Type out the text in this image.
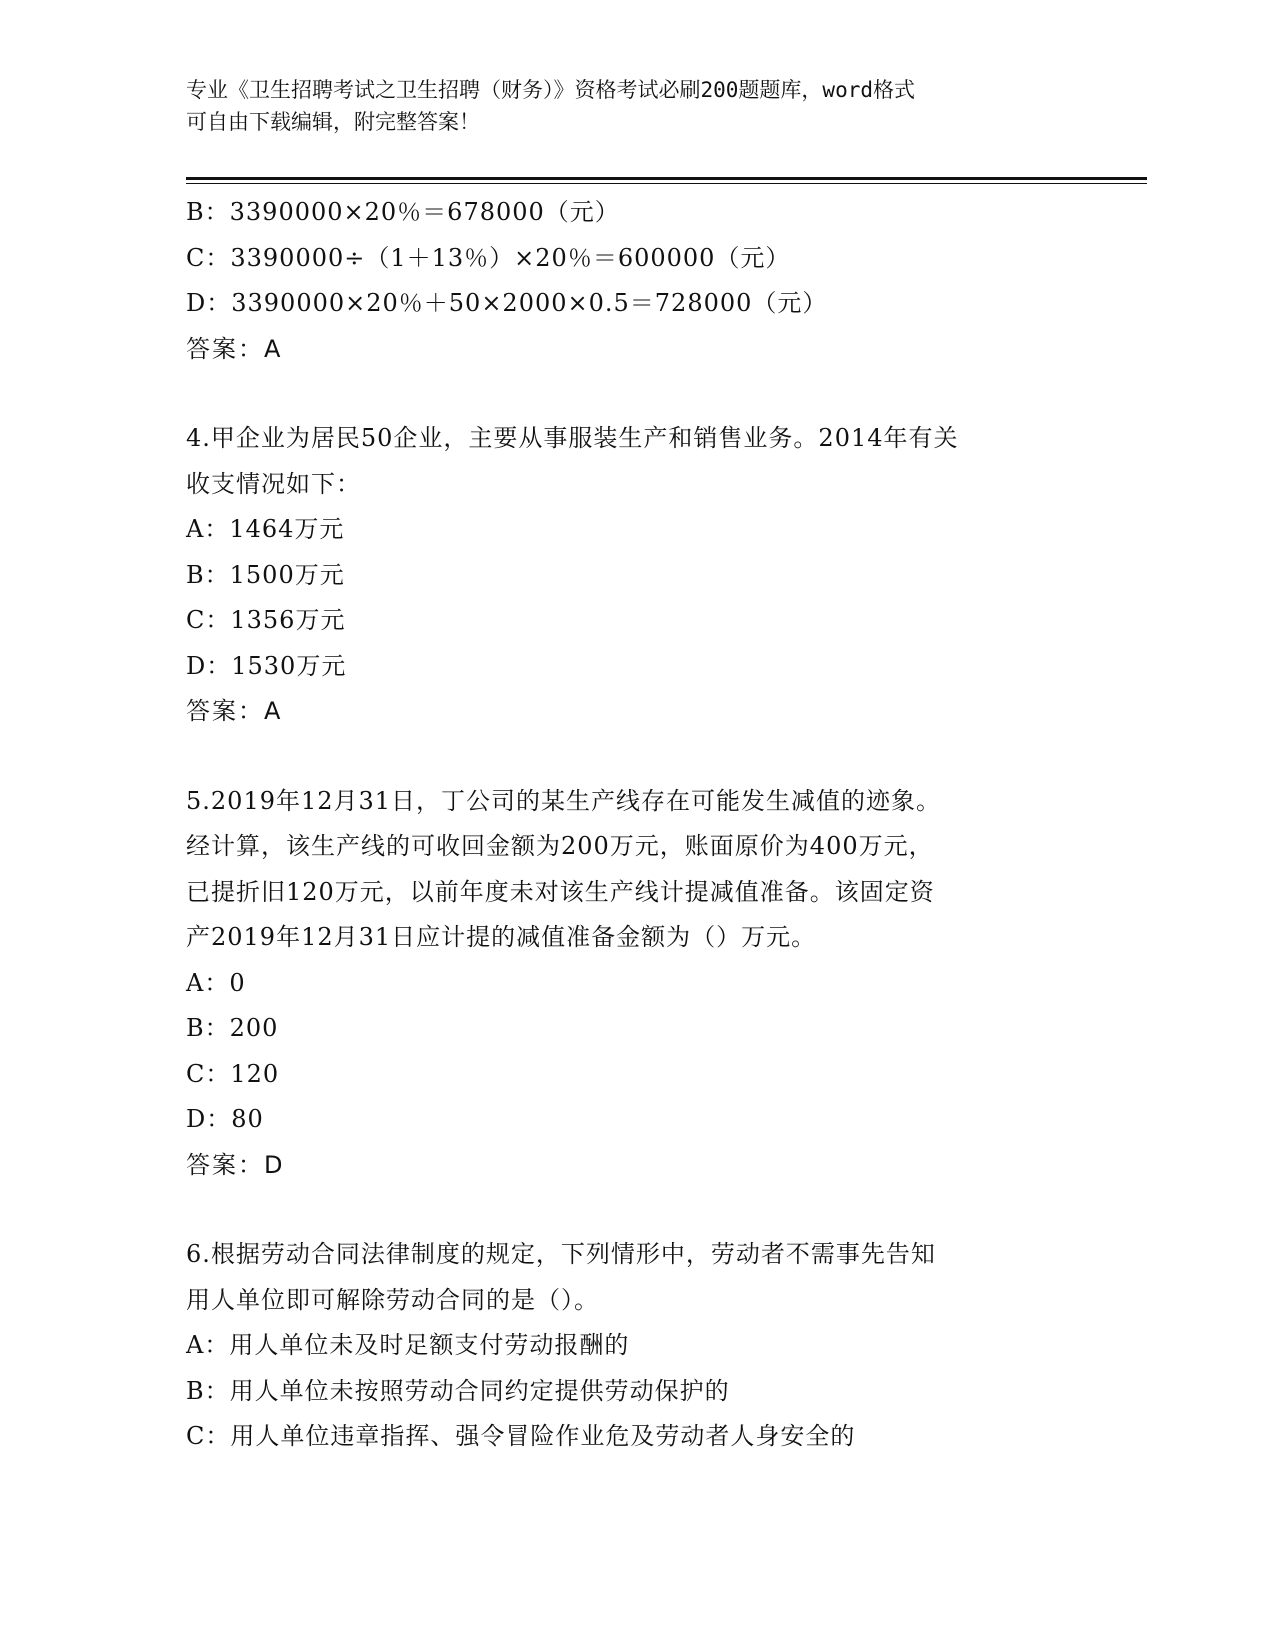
专业《卫生招聘考试之卫生招聘（财务）》资格考试必刷200题题库，word格式
可自由下载编辑，附完整答案！
B：3390000×20％＝678000（元）
C：3390000÷（1＋13％）×20％＝600000（元）
D：3390000×20％＋50×2000×0.5＝728000（元）
答案：A
4.甲企业为居民50企业，主要从事服装生产和销售业务。2014年有关
收支情况如下：
A：1464万元
B：1500万元
C：1356万元
D：1530万元
答案：A
5.2019年12月31日，丁公司的某生产线存在可能发生减值的迹象。
经计算，该生产线的可收回金额为200万元，账面原价为400万元，
已提折旧120万元，以前年度未对该生产线计提减值准备。该固定资
产2019年12月31日应计提的减值准备金额为（）万元。
A：0
B：200
C：120
D：80
答案：D
6.根据劳动合同法律制度的规定，下列情形中，劳动者不需事先告知
用人单位即可解除劳动合同的是（）。
A：用人单位未及时足额支付劳动报酬的
B：用人单位未按照劳动合同约定提供劳动保护的
C：用人单位违章指挥、强令冒险作业危及劳动者人身安全的
